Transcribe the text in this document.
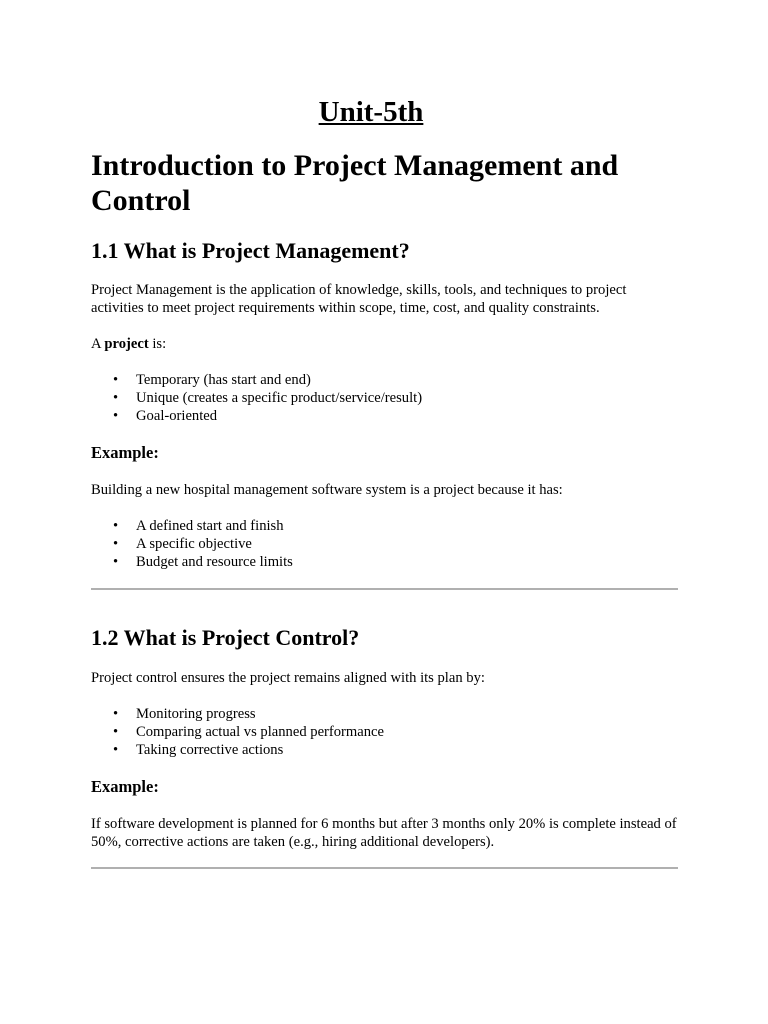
Unit-5th
Introduction to Project Management and Control
1.1 What is Project Management?

Project Management is the application of knowledge, skills, tools, and techniques to project activities to meet project requirements within scope, time, cost, and quality constraints.

A project is:

• Temporary (has start and end)
• Unique (creates a specific product/service/result)
• Goal-oriented

Example:

Building a new hospital management software system is a project because it has:

• A defined start and finish
• A specific objective
• Budget and resource limits
1.2 What is Project Control?

Project control ensures the project remains aligned with its plan by:

• Monitoring progress
• Comparing actual vs planned performance
• Taking corrective actions

Example:

If software development is planned for 6 months but after 3 months only 20% is complete instead of 50%, corrective actions are taken (e.g., hiring additional developers).
